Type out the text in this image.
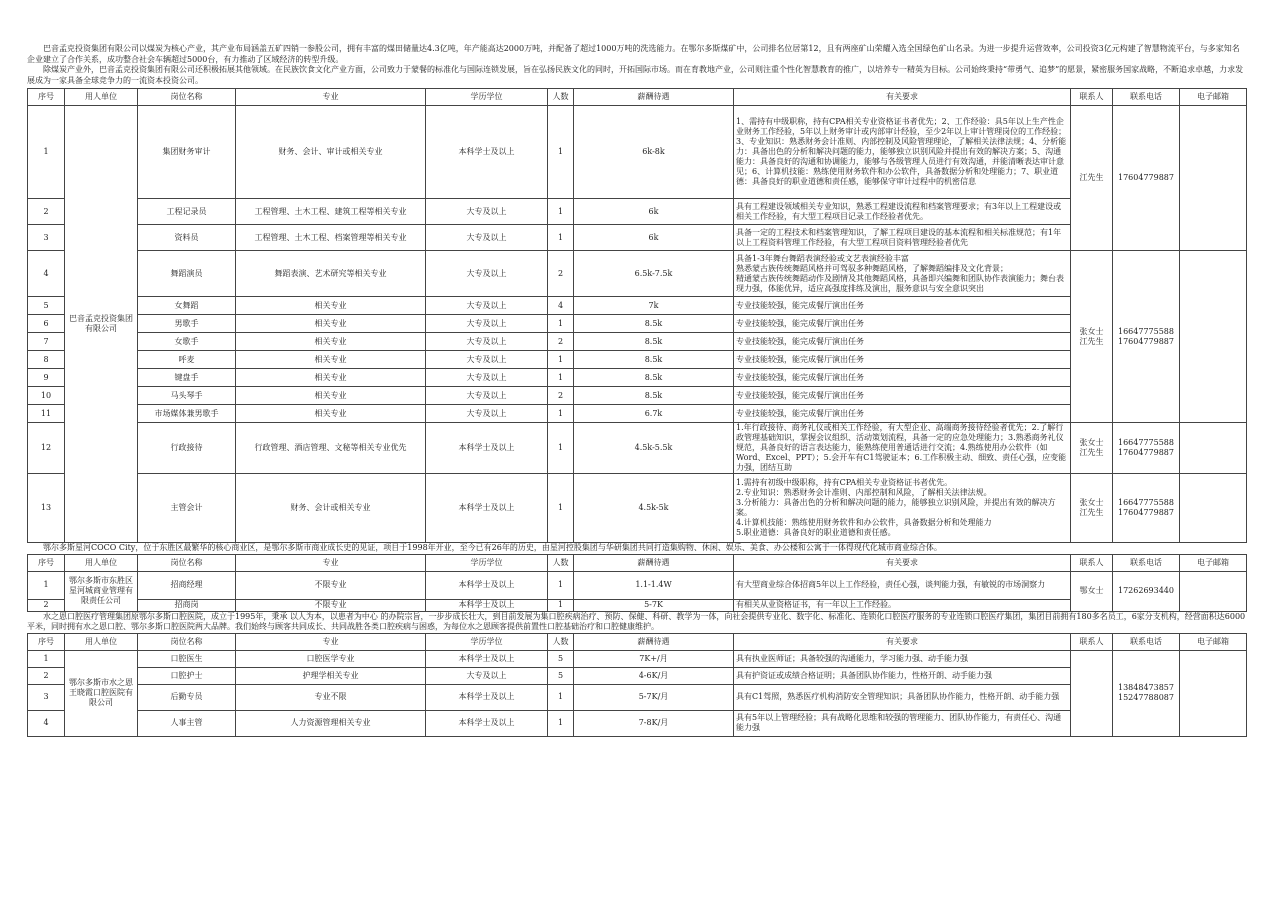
巴音孟克投资集团有限公司以煤炭为核心产业，其产业布局涵盖五矿四销一参股公司，拥有丰富的煤田储量达4.3亿吨，年产能高达2000万吨，并配备了超过1000万吨的洗选能力。在鄂尔多斯煤矿中，公司排名位居第12，且有两座矿山荣耀入选全国绿色矿山名录。为进一步提升运营效率，公司投资3亿元构建了智慧物流平台，与多家知名企业建立了合作关系，成功整合社会车辆超过5000台，有力推动了区域经济的转型升级。

除煤炭产业外，巴音孟克投资集团有限公司还积极拓展其他领域。在民族饮食文化产业方面，公司致力于蒙餐的标准化与国际连锁发展，旨在弘扬民族文化的同时，开拓国际市场。而在育教地产业，公司则注重个性化智慧教育的推广，以培养专一精英为目标。公司始终秉持“带勇气、追梦”的愿景，紧密服务国家战略，不断追求卓越，力求发展成为一家具备全球竞争力的一流资本投资公司。

序号	用人单位	岗位名称	专业	学历学位	人数	薪酬待遇	有关要求	联系人	联系电话	电子邮箱
1	巴音孟克投资集团有限公司	集团财务审计	财务、会计、审计或相关专业	本科学士及以上	1	6k-8k	1、需持有中级职称，持有CPA相关专业资格证书者优先；2、工作经验：具5年以上生产性企业财务工作经验，5年以上财务审计或内部审计经验，至少2年以上审计管理岗位的工作经验；3、专业知识：熟悉财务会计准则、内部控制及风险管理理论，了解相关法律法规；4、分析能力：具备出色的分析和解决问题的能力，能够独立识别风险并提出有效的解决方案；5、沟通能力：具备良好的沟通和协调能力，能够与各级管理人员进行有效沟通，并能清晰表达审计意见；6、计算机技能：熟练使用财务软件和办公软件，具备数据分析和处理能力；7、职业道德：具备良好的职业道德和责任感，能够保守审计过程中的机密信息	江先生	17604779887	
2		工程记录员	工程管理、土木工程、建筑工程等相关专业	大专及以上	1	6k	具有工程建设领域相关专业知识，熟悉工程建设流程和档案管理要求；有3年以上工程建设或相关工作经验，有大型工程项目记录工作经验者优先。			
3		资料员	工程管理、土木工程、档案管理等相关专业	大专及以上	1	6k	具备一定的工程技术和档案管理知识，了解工程项目建设的基本流程和相关标准规范；有1年以上工程资料管理工作经验，有大型工程项目资料管理经验者优先			
4		舞蹈演员	舞蹈表演、艺术研究等相关专业	大专及以上	2	6.5k-7.5k	具备1-3年舞台舞蹈表演经验或文艺表演经验丰富
熟悉蒙古族传统舞蹈风格并可驾驭多种舞蹈风格，了解舞蹈编排及文化背景；
精通蒙古族传统舞蹈动作及剧情及其他舞蹈风格，具备即兴编舞和团队协作表演能力；舞台表现力强，体能优异，适应高强度排练及演出，服务意识与安全意识突出	张女士
江先生	16647775588
17604779887	
5		女舞蹈	相关专业	大专及以上	4	7k	专业技能较强，能完成餐厅演出任务			
6		男歌手	相关专业	大专及以上	1	8.5k	专业技能较强，能完成餐厅演出任务			
7		女歌手	相关专业	大专及以上	2	8.5k	专业技能较强，能完成餐厅演出任务			
8		呼麦	相关专业	大专及以上	1	8.5k	专业技能较强，能完成餐厅演出任务			
9		键盘手	相关专业	大专及以上	1	8.5k	专业技能较强，能完成餐厅演出任务			
10		马头琴手	相关专业	大专及以上	2	8.5k	专业技能较强，能完成餐厅演出任务			
11		市场媒体兼男歌手	相关专业	大专及以上	1	6.7k	专业技能较强，能完成餐厅演出任务			
12		行政接待	行政管理、酒店管理、文秘等相关专业优先	本科学士及以上	1	4.5k-5.5k	1.年行政接待、商务礼仪或相关工作经验，有大型企业、高端商务接待经验者优先；2.了解行政管理基础知识，掌握会议组织、活动策划流程，具备一定的应急处理能力；3.熟悉商务礼仪规范，具备良好的语言表达能力，能熟练使用普通话进行交流；4.熟练使用办公软件（如Word、Excel、PPT）；5.会开车有C1驾驶证本；6.工作积极主动、细致、责任心强，应变能力强，团结互助	张女士
江先生	16647775588
17604779887	
13		主管会计	财务、会计或相关专业	本科学士及以上	1	4.5k-5k	1.需持有初级中级职称，持有CPA相关专业资格证书者优先。
2.专业知识：熟悉财务会计准则、内部控制和风险，了解相关法律法规。
3.分析能力：具备出色的分析和解决问题的能力，能够独立识别风险，并提出有效的解决方案。
4.计算机技能：熟练使用财务软件和办公软件，具备数据分析和处理能力
5.职业道德：具备良好的职业道德和责任感。	张女士
江先生	16647775588
17604779887	

鄂尔多斯星河COCO City，位于东胜区最繁华的核心商业区，是鄂尔多斯市商业成长史的见证，项目于1998年开业，至今已有26年的历史，由星河控股集团与华研集团共同打造集购物、休闲、娱乐、美食、办公楼和公寓于一体得现代化城市商业综合体。

序号	用人单位	岗位名称	专业	学历学位	人数	薪酬待遇	有关要求	联系人	联系电话	电子邮箱
1	鄂尔多斯市东胜区星河城商业管理有限责任公司	招商经理	不限专业	本科学士及以上	1	1.1-1.4W	有大型商业综合体招商5年以上工作经验，责任心强，谈判能力强，有敏锐的市场洞察力	鄂女士	17262693440	
2		招商岗	不限专业	本科学士及以上	1	5-7K	有相关从业资格证书，有一年以上工作经验。			

水之恩口腔医疗管理集团原鄂尔多斯口腔医院，成立于1995年，秉承 以人为本，以患者为中心 的办院宗旨，一步步成长壮大，到目前发展为集口腔疾病治疗、预防、保健、科研、教学为一体，向社会提供专业化、数字化、标准化、连锁化口腔医疗服务的专业连锁口腔医疗集团，集团目前拥有180多名员工，6家分支机构，经营面积达6000平米，同时拥有水之恩口腔、鄂尔多斯口腔医院两大品牌。我们始终与顾客共同成长、共同战胜各类口腔疾病与困惑，为每位水之恩顾客提供前置性口腔基础治疗和口腔健康维护。

序号	用人单位	岗位名称	专业	学历学位	人数	薪酬待遇	有关要求	联系人	联系电话	电子邮箱
1	鄂尔多斯市水之恩王晓霞口腔医院有限公司	口腔医生	口腔医学专业	本科学士及以上	5	7K+/月	具有执业医师证；具备较强的沟通能力，学习能力强、动手能力强		13848473857
15247788087	
2		口腔护士	护理学相关专业	大专及以上	5	4-6K/月	具有护资证或成绩合格证明；具备团队协作能力，性格开朗、动手能力强			
3		后勤专员	专业不限	本科学士及以上	1	5-7K/月	具有C1驾照，熟悉医疗机构消防安全管理知识；具备团队协作能力，性格开朗、动手能力强			
4		人事主管	人力资源管理相关专业	本科学士及以上	1	7-8K/月	具有5年以上管理经验；具有战略化思维和较强的管理能力、团队协作能力，有责任心、沟通能力强			
